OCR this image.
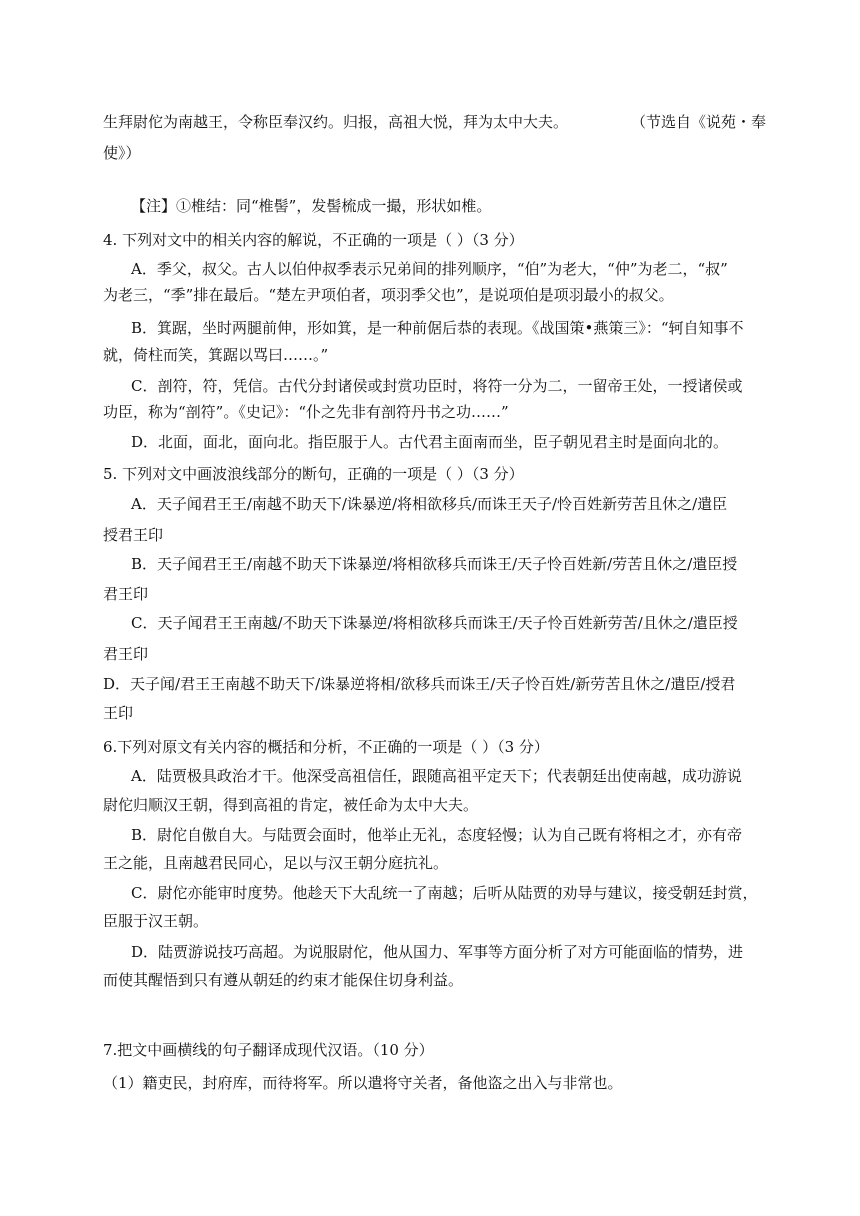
生拜尉佗为南越王，令称臣奉汉约。归报，高祖大悦，拜为太中大夫。	（节选自《说苑・奉
使》）
【注】①椎结：同“椎髻”，发髻梳成一撮，形状如椎。
4. 下列对文中的相关内容的解说，不正确的一项是（ ）（3 分）
A．季父，叔父。古人以伯仲叔季表示兄弟间的排列顺序，“伯”为老大，“仲”为老二，“叔”
为老三，“季”排在最后。“楚左尹项伯者，项羽季父也”，是说项伯是项羽最小的叔父。
B．箕踞，坐时两腿前伸，形如箕，是一种前倨后恭的表现。《战国策•燕策三》：“轲自知事不
就，倚柱而笑，箕踞以骂曰……。”
C．剖符，符，凭信。古代分封诸侯或封赏功臣时，将符一分为二，一留帝王处，一授诸侯或
功臣，称为“剖符”。《史记》：“仆之先非有剖符丹书之功……”
D．北面，面北，面向北。指臣服于人。古代君主面南而坐，臣子朝见君主时是面向北的。
5. 下列对文中画波浪线部分的断句，正确的一项是（ ）（3 分）
A．天子闻君王王/南越不助天下/诛暴逆/将相欲移兵/而诛王天子/怜百姓新劳苦且休之/遣臣
授君王印
B．天子闻君王王/南越不助天下诛暴逆/将相欲移兵而诛王/天子怜百姓新/劳苦且休之/遣臣授
君王印
C．天子闻君王王南越/不助天下诛暴逆/将相欲移兵而诛王/天子怜百姓新劳苦/且休之/遣臣授
君王印
D．天子闻/君王王南越不助天下/诛暴逆将相/欲移兵而诛王/天子怜百姓/新劳苦且休之/遣臣/授君
王印
6.下列对原文有关内容的概括和分析，不正确的一项是（ ）（3 分）
A．陆贾极具政治才干。他深受高祖信任，跟随高祖平定天下；代表朝廷出使南越，成功游说
尉佗归顺汉王朝，得到高祖的肯定，被任命为太中大夫。
B．尉佗自傲自大。与陆贾会面时，他举止无礼，态度轻慢；认为自己既有将相之才，亦有帝
王之能，且南越君民同心，足以与汉王朝分庭抗礼。
C．尉佗亦能审时度势。他趁天下大乱统一了南越；后听从陆贾的劝导与建议，接受朝廷封赏，
臣服于汉王朝。
D．陆贾游说技巧高超。为说服尉佗，他从国力、军事等方面分析了对方可能面临的情势，进
而使其醒悟到只有遵从朝廷的约束才能保住切身利益。
7.把文中画横线的句子翻译成现代汉语。（10 分）
（1）籍吏民，封府库，而待将军。所以遣将守关者，备他盗之出入与非常也。
